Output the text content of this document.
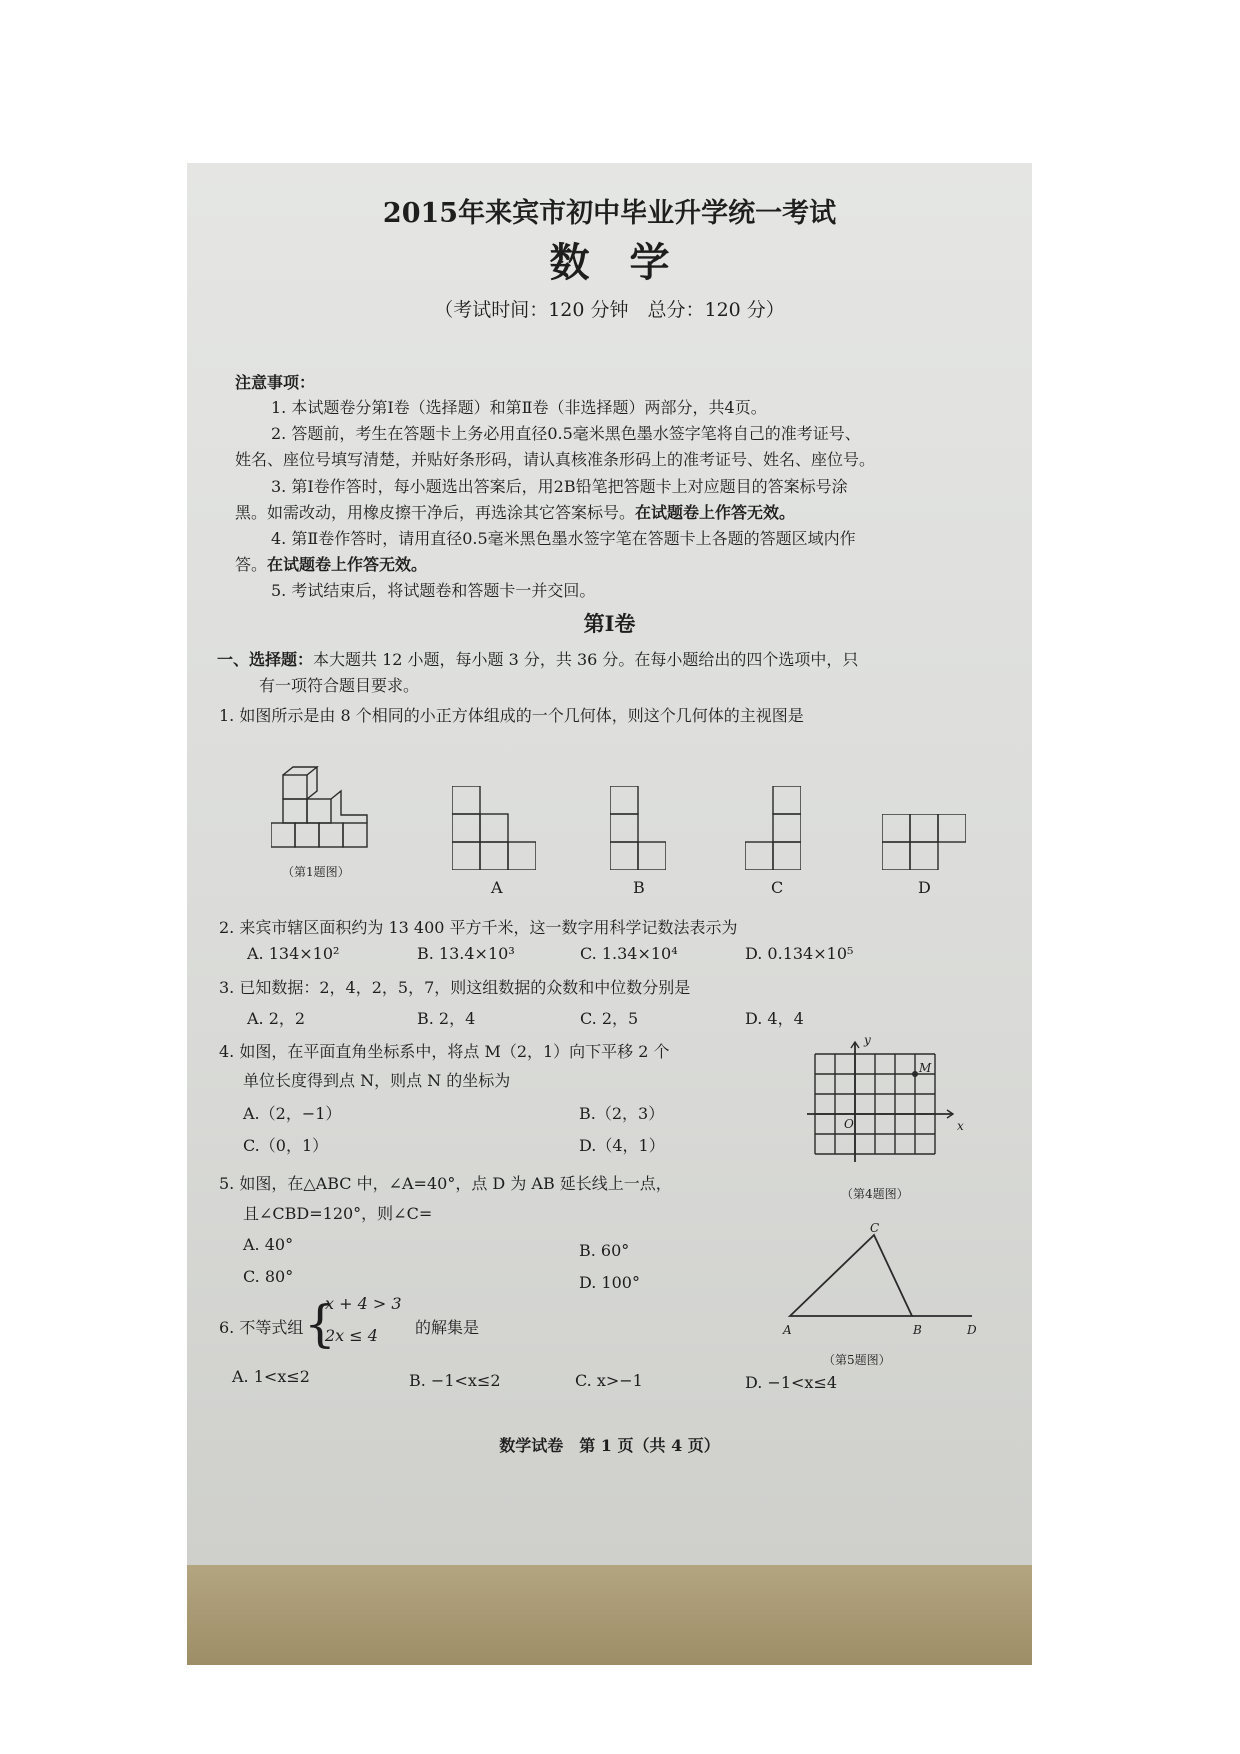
2015年来宾市初中毕业升学统一考试
数学
（考试时间：120 分钟　总分：120 分）
注意事项：
1. 本试题卷分第Ⅰ卷（选择题）和第Ⅱ卷（非选择题）两部分，共4页。
2. 答题前，考生在答题卡上务必用直径0.5毫米黑色墨水签字笔将自己的准考证号、
姓名、座位号填写清楚，并贴好条形码，请认真核准条形码上的准考证号、姓名、座位号。
3. 第Ⅰ卷作答时，每小题选出答案后，用2B铅笔把答题卡上对应题目的答案标号涂
黑。如需改动，用橡皮擦干净后，再选涂其它答案标号。在试题卷上作答无效。
4. 第Ⅱ卷作答时，请用直径0.5毫米黑色墨水签字笔在答题卡上各题的答题区域内作
答。在试题卷上作答无效。
5. 考试结束后，将试题卷和答题卡一并交回。
第Ⅰ卷
一、选择题：本大题共 12 小题，每小题 3 分，共 36 分。在每小题给出的四个选项中，只
有一项符合题目要求。
1. 如图所示是由 8 个相同的小正方体组成的一个几何体，则这个几何体的主视图是
（第1题图）
A	B	C	D
2. 来宾市辖区面积约为 13 400 平方千米，这一数字用科学记数法表示为
A. 134×10²	B. 13.4×10³	C. 1.34×10⁴	D. 0.134×10⁵
3. 已知数据：2，4，2，5，7，则这组数据的众数和中位数分别是
A. 2，2	B. 2，4	C. 2，5	D. 4，4
4. 如图，在平面直角坐标系中，将点 M（2，1）向下平移 2 个
单位长度得到点 N，则点 N 的坐标为
A.（2，−1）	B.（2，3）
C.（0，1）	D.（4，1）
y
x
O
M
（第4题图）
5. 如图，在△ABC 中，∠A=40°，点 D 为 AB 延长线上一点，
且∠CBD=120°，则∠C=
A. 40°	B. 60°
C. 80°	D. 100°
C
A	B	D
（第5题图）
6. 不等式组 {
x + 4 > 3
2x ≤ 4 的解集是
A. 1<x≤2	B. −1<x≤2	C. x>−1	D. −1<x≤4
数学试卷　第 1 页（共 4 页）
